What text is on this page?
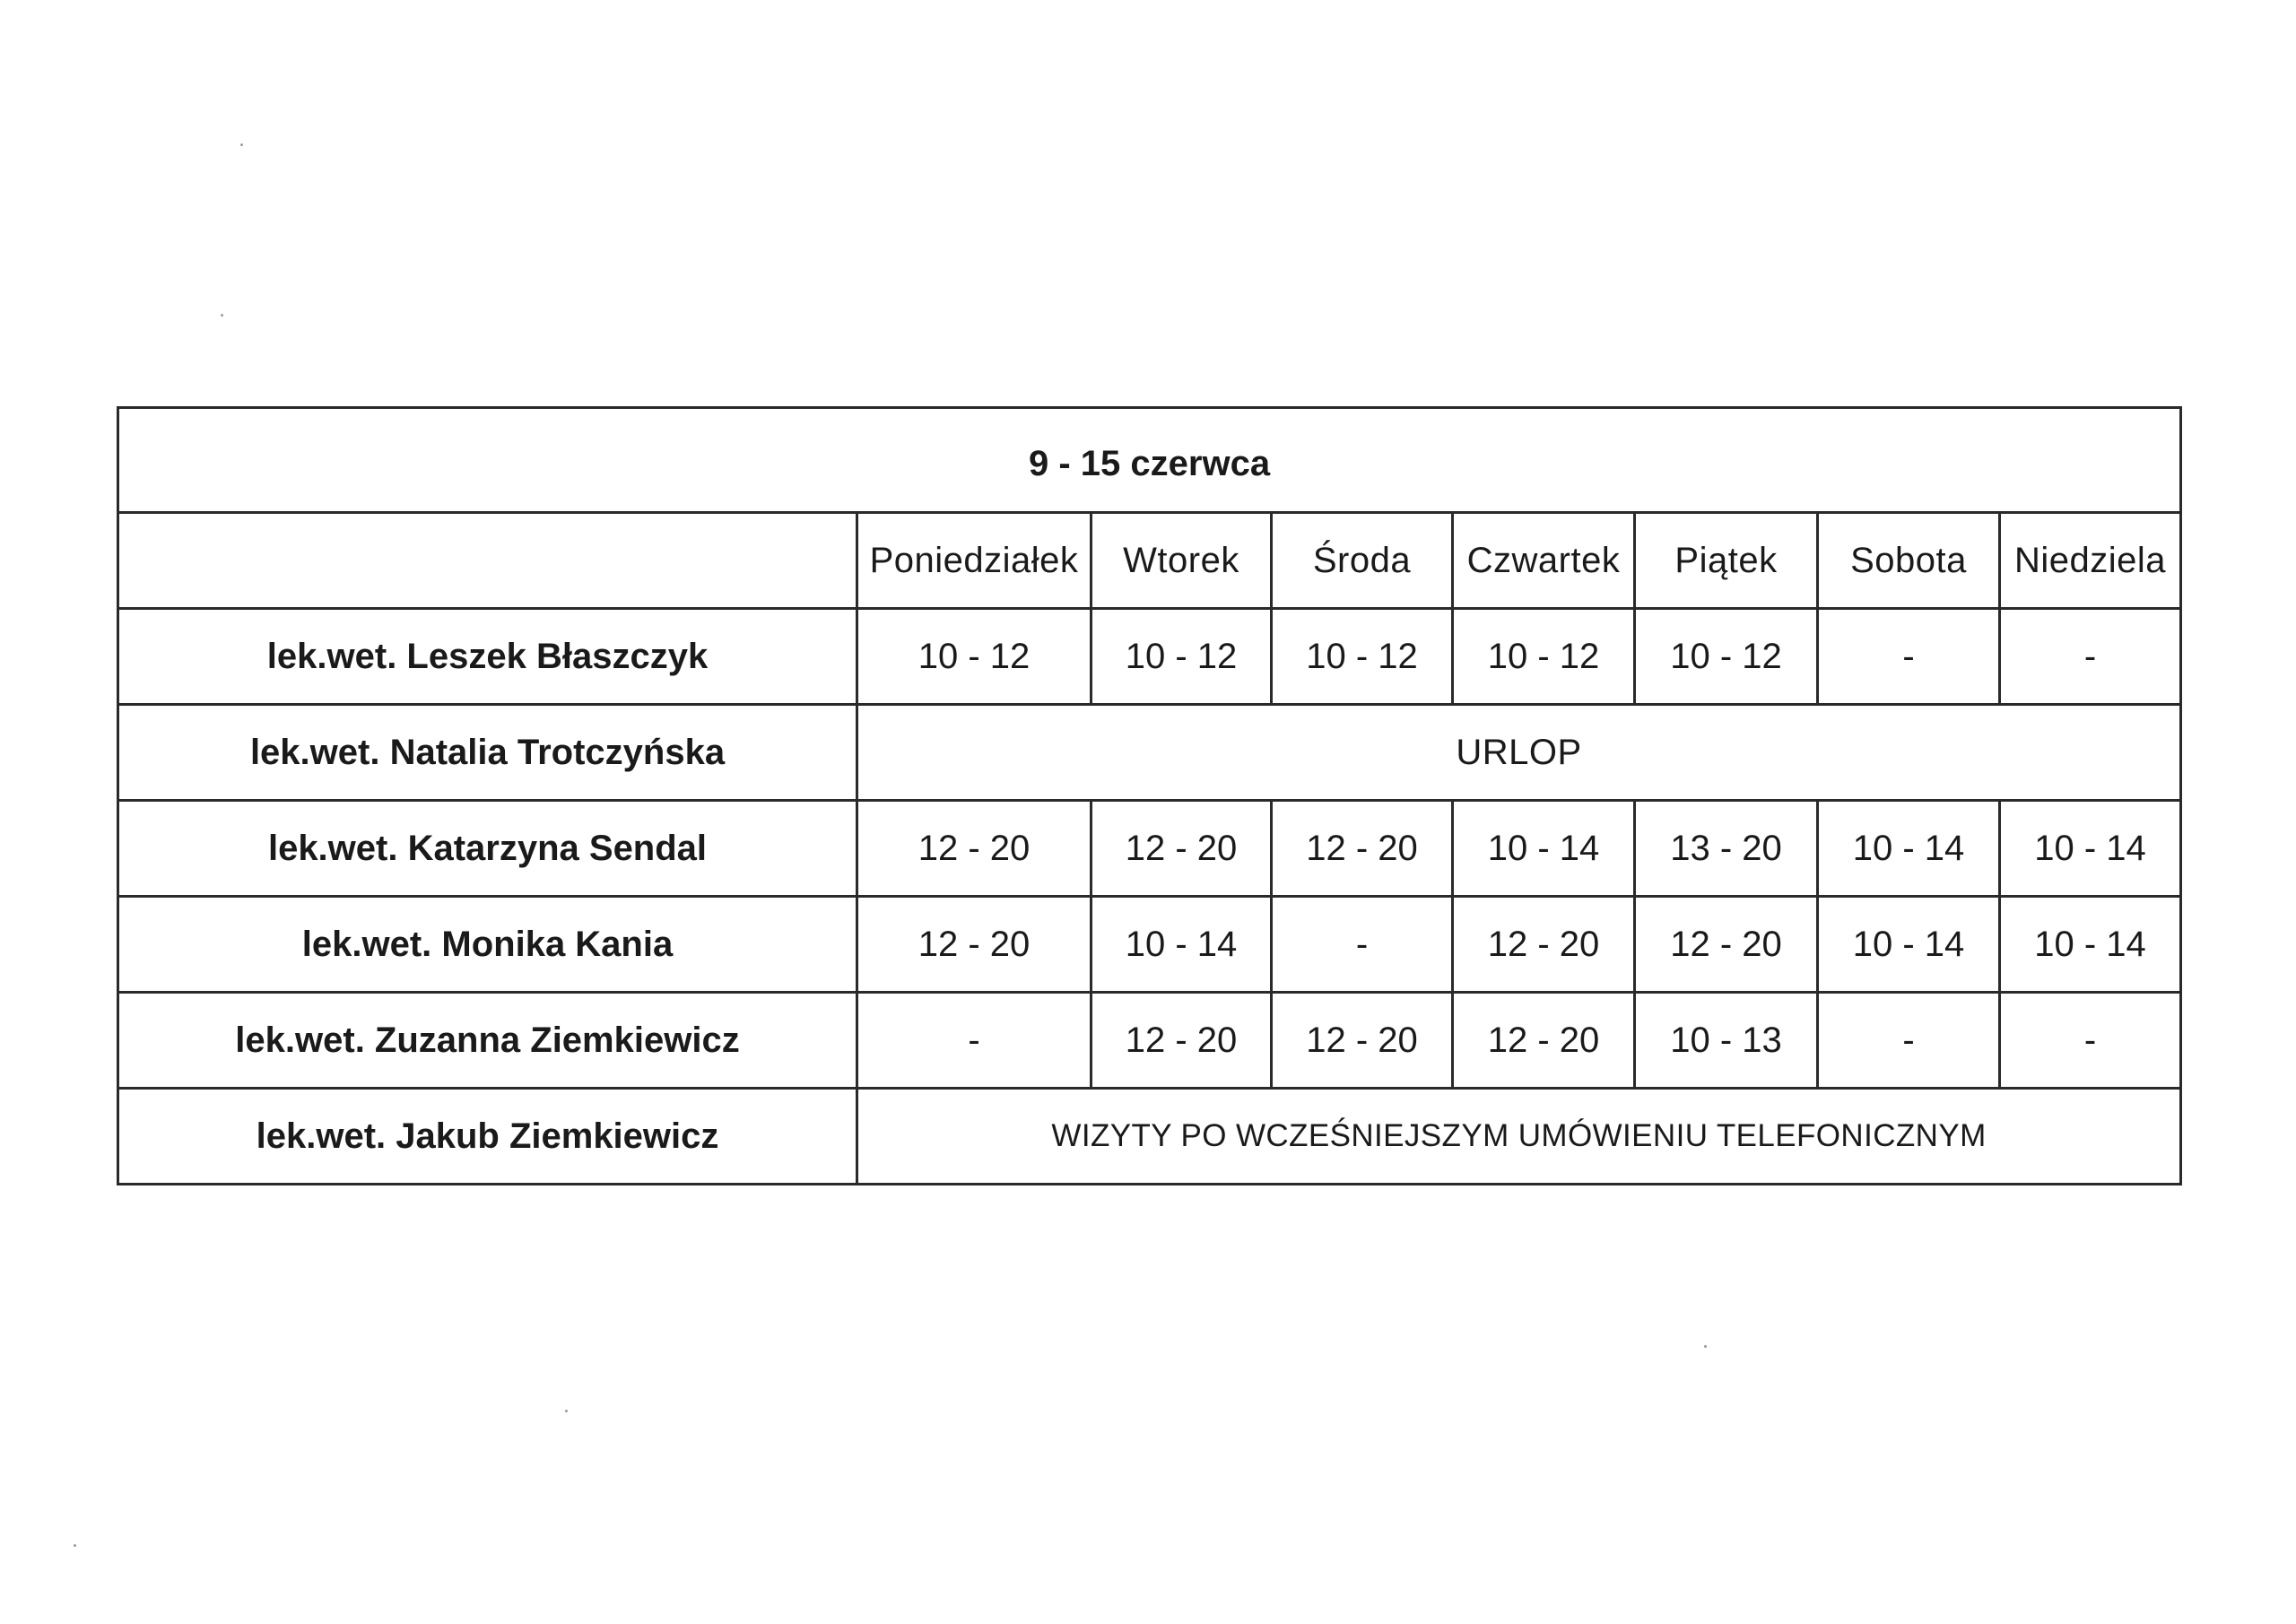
9 - 15 czerwca							
	Poniedziałek	Wtorek	Środa	Czwartek	Piątek	Sobota	Niedziela
lek.wet. Leszek Błaszczyk	10 - 12	10 - 12	10 - 12	10 - 12	10 - 12	-	-
lek.wet. Natalia Trotczyńska	URLOP						
lek.wet. Katarzyna Sendal	12 - 20	12 - 20	12 - 20	10 - 14	13 - 20	10 - 14	10 - 14
lek.wet. Monika Kania	12 - 20	10 - 14	-	12 - 20	12 - 20	10 - 14	10 - 14
lek.wet. Zuzanna Ziemkiewicz	-	12 - 20	12 - 20	12 - 20	10 - 13	-	-
lek.wet. Jakub Ziemkiewicz	WIZYTY PO WCZEŚNIEJSZYM UMÓWIENIU TELEFONICZNYM						
